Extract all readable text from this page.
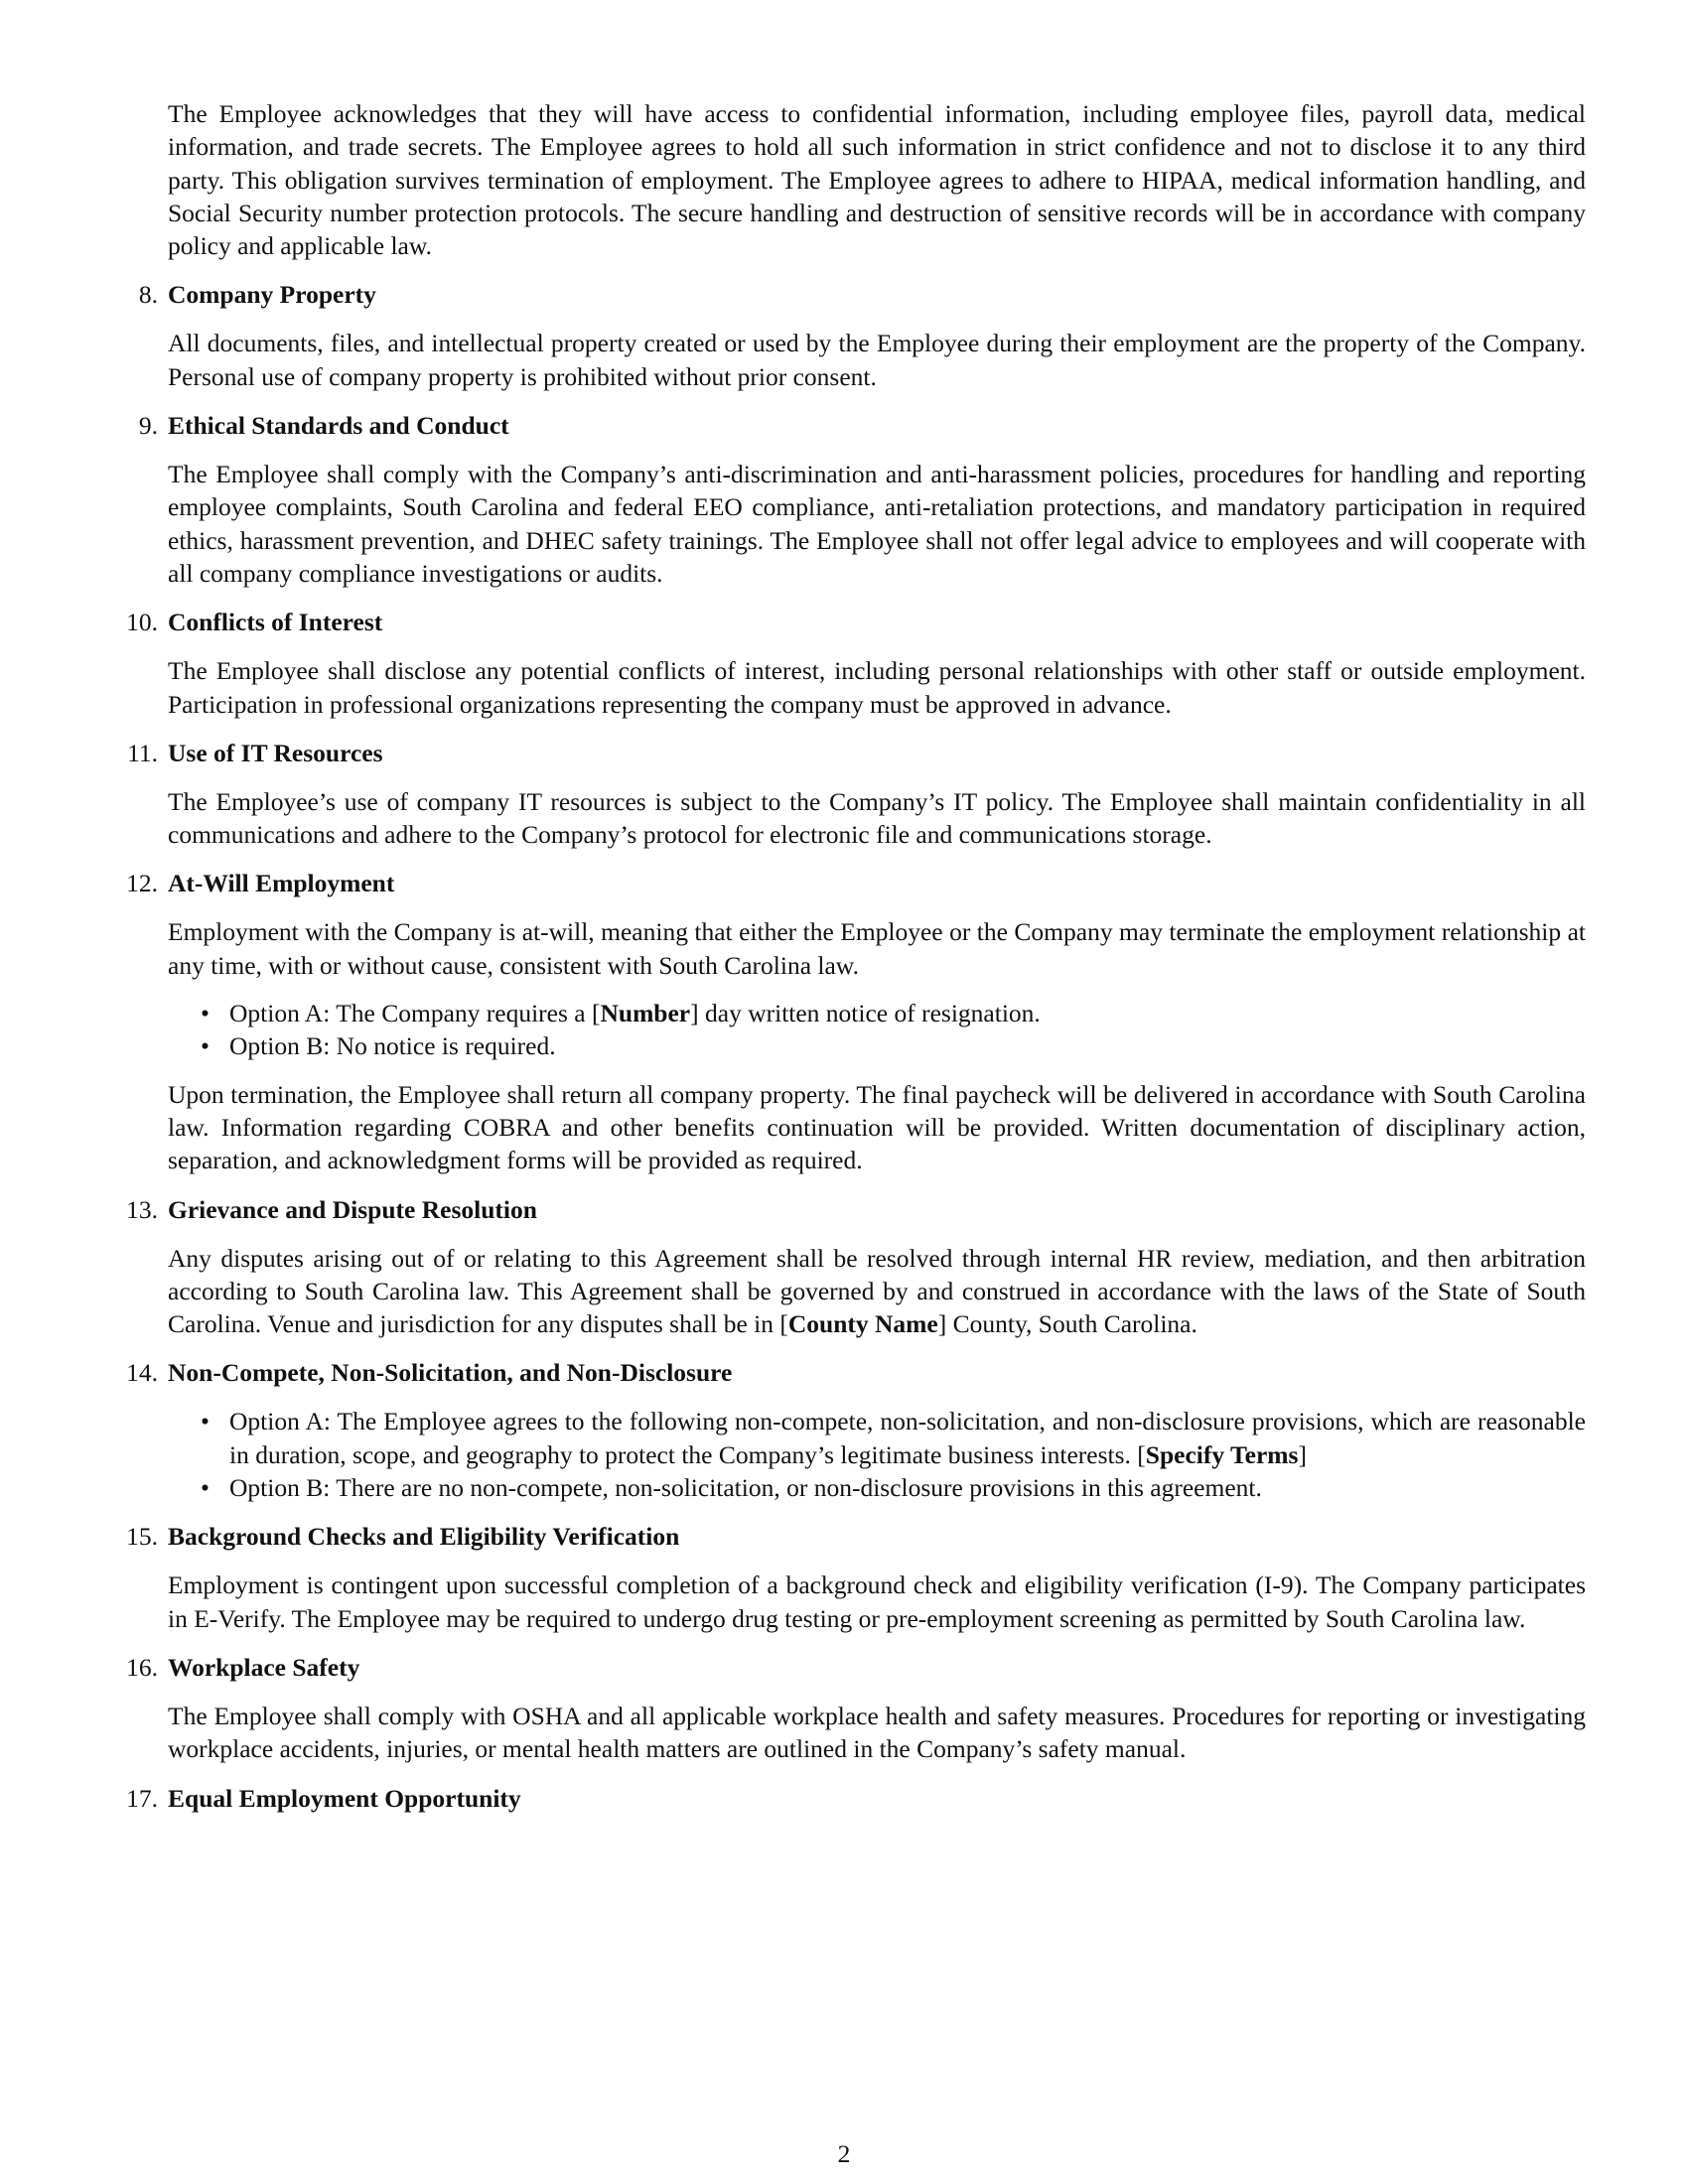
The Employee acknowledges that they will have access to confidential information, including employee files, payroll data, medical information, and trade secrets. The Employee agrees to hold all such information in strict confidence and not to disclose it to any third party. This obligation survives termination of employment. The Employee agrees to adhere to HIPAA, medical information handling, and Social Security number protection protocols. The secure handling and destruction of sensitive records will be in accordance with company policy and applicable law.

8. Company Property

All documents, files, and intellectual property created or used by the Employee during their employment are the property of the Company. Personal use of company property is prohibited without prior consent.

9. Ethical Standards and Conduct

The Employee shall comply with the Company’s anti-discrimination and anti-harassment policies, procedures for handling and reporting employee complaints, South Carolina and federal EEO compliance, anti-retaliation protections, and mandatory participation in required ethics, harassment prevention, and DHEC safety trainings. The Employee shall not offer legal advice to employees and will cooperate with all company compliance investigations or audits.

10. Conflicts of Interest

The Employee shall disclose any potential conflicts of interest, including personal relationships with other staff or outside employment. Participation in professional organizations representing the company must be approved in advance.

11. Use of IT Resources

The Employee’s use of company IT resources is subject to the Company’s IT policy. The Employee shall maintain confidentiality in all communications and adhere to the Company’s protocol for electronic file and communications storage.

12. At-Will Employment

Employment with the Company is at-will, meaning that either the Employee or the Company may terminate the employment relationship at any time, with or without cause, consistent with South Carolina law.

• Option A: The Company requires a [Number] day written notice of resignation.
• Option B: No notice is required.

Upon termination, the Employee shall return all company property. The final paycheck will be delivered in accordance with South Carolina law. Information regarding COBRA and other benefits continuation will be provided. Written documentation of disciplinary action, separation, and acknowledgment forms will be provided as required.

13. Grievance and Dispute Resolution

Any disputes arising out of or relating to this Agreement shall be resolved through internal HR review, mediation, and then arbitration according to South Carolina law. This Agreement shall be governed by and construed in accordance with the laws of the State of South Carolina. Venue and jurisdiction for any disputes shall be in [County Name] County, South Carolina.

14. Non-Compete, Non-Solicitation, and Non-Disclosure
• Option A: The Employee agrees to the following non-compete, non-solicitation, and non-disclosure provisions, which are reasonable in duration, scope, and geography to protect the Company’s legitimate business interests. [Specify Terms]
• Option B: There are no non-compete, non-solicitation, or non-disclosure provisions in this agreement.
15. Background Checks and Eligibility Verification

Employment is contingent upon successful completion of a background check and eligibility verification (I-9). The Company participates in E-Verify. The Employee may be required to undergo drug testing or pre-employment screening as permitted by South Carolina law.

16. Workplace Safety

The Employee shall comply with OSHA and all applicable workplace health and safety measures. Procedures for reporting or investigating workplace accidents, injuries, or mental health matters are outlined in the Company’s safety manual.

17. Equal Employment Opportunity
2
